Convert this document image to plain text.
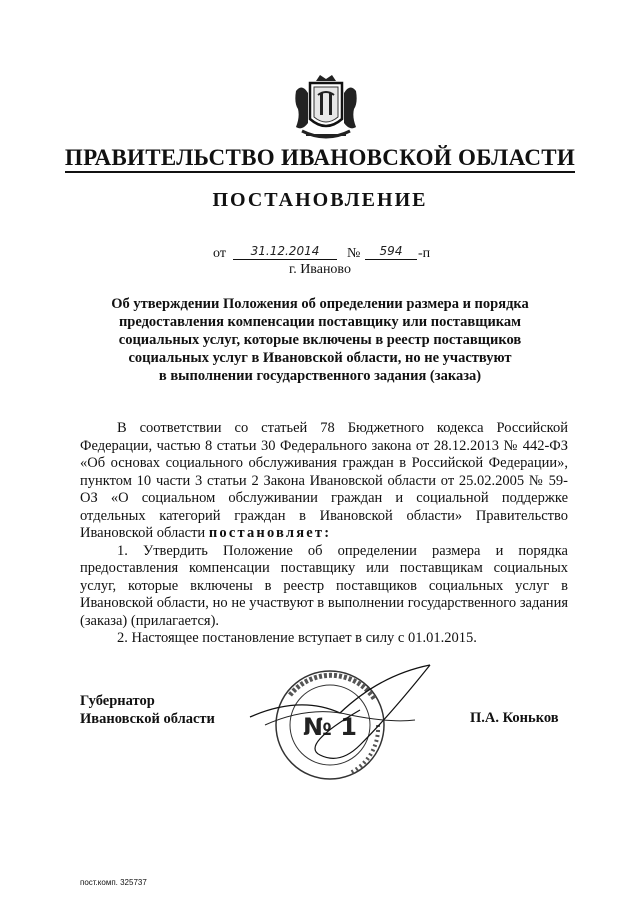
ПРАВИТЕЛЬСТВО ИВАНОВСКОЙ ОБЛАСТИ
ПОСТАНОВЛЕНИЕ
от	31.12.2014	№	594	-п
г. Иваново
Об утверждении Положения об определении размера и порядка
предоставления компенсации поставщику или поставщикам
социальных услуг, которые включены в реестр поставщиков
социальных услуг в Ивановской области, но не участвуют
в выполнении государственного задания (заказа)

В соответствии со статьей 78 Бюджетного кодекса Российской Федерации, частью 8 статьи 30 Федерального закона от 28.12.2013 № 442-ФЗ «Об основах социального обслуживания граждан в Российской Федерации», пунктом 10 части 3 статьи 2 Закона Ивановской области от 25.02.2005 № 59-ОЗ «О социальном обслуживании граждан и социальной поддержке отдельных категорий граждан в Ивановской области» Правительство Ивановской области постановляет:

1. Утвердить Положение об определении размера и порядка предоставления компенсации поставщику или поставщикам социальных услуг, которые включены в реестр поставщиков социальных услуг в Ивановской области, но не участвуют в выполнении государственного задания (заказа) (прилагается).

2. Настоящее постановление вступает в силу с 01.01.2015.

Губернатор
Ивановской области	№ 1	П.А. Коньков
пост.комп. 325737
